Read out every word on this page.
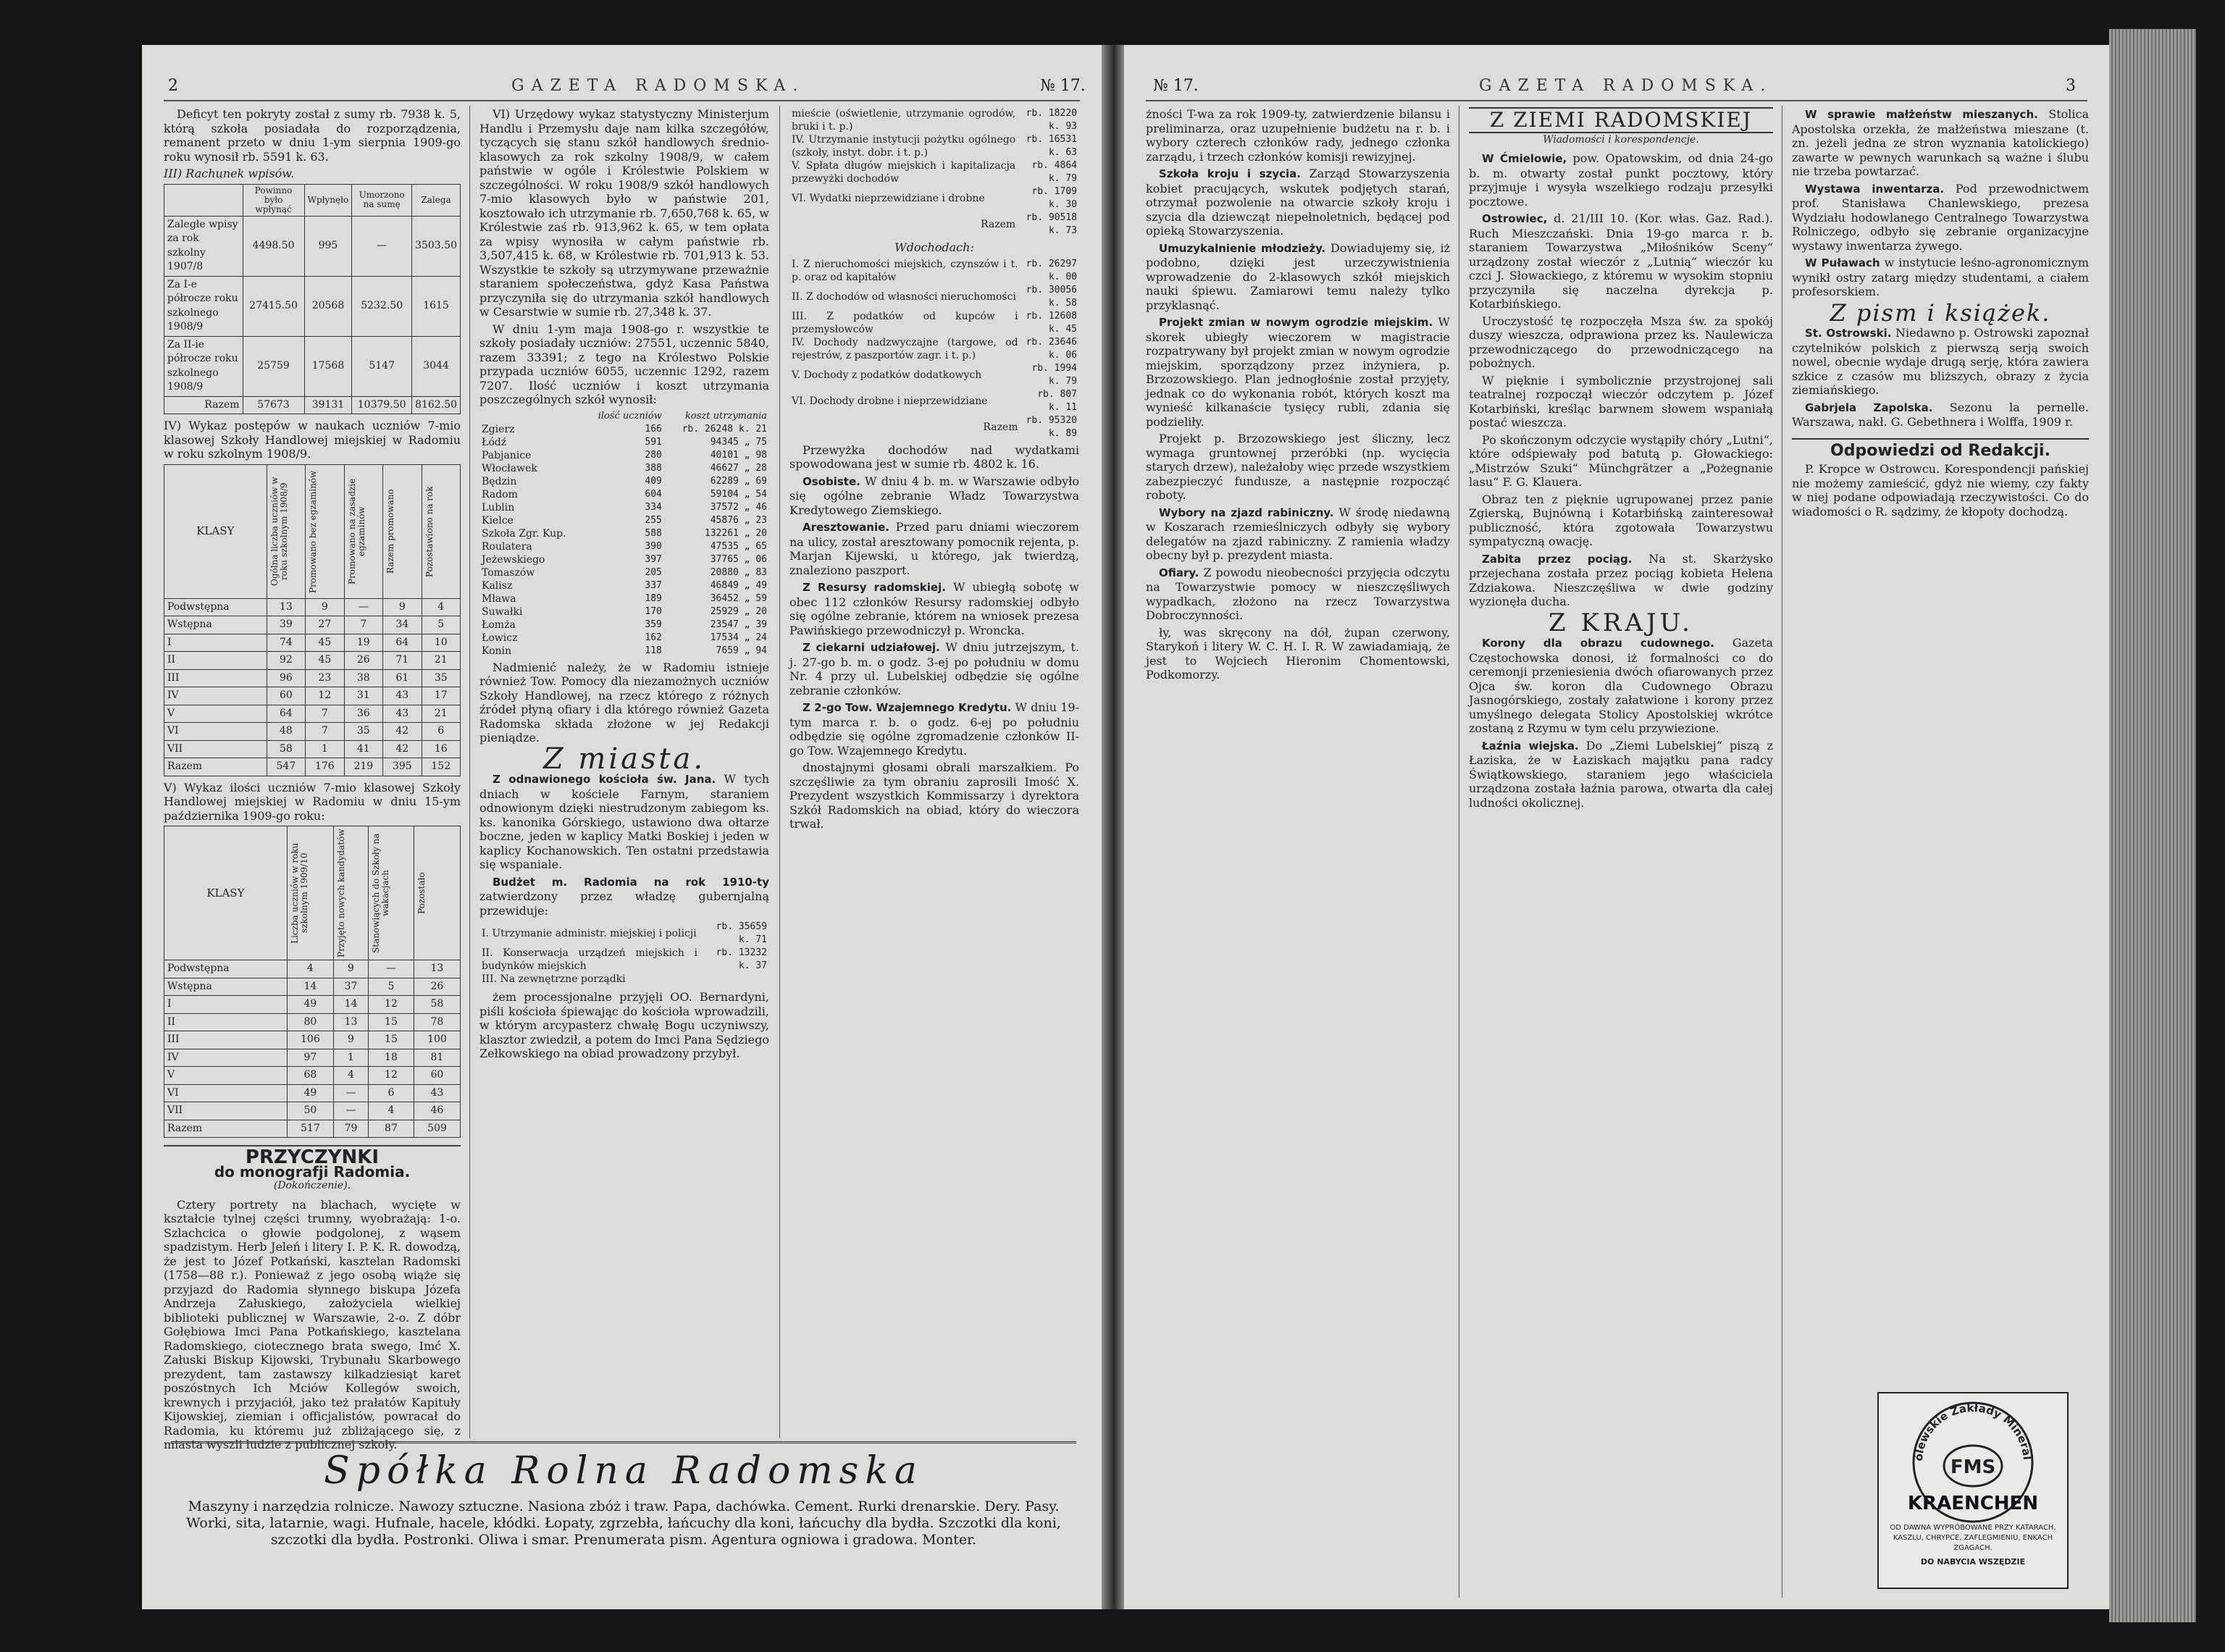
2	GAZETA RADOMSKA.	№ 17.

Deficyt ten pokryty został z sumy rb. 7938 k. 5, którą szkoła posiadała do rozporządzenia, remanent przeto w dniu 1-ym sierpnia 1909-go roku wynosił rb. 5591 k. 63.

III) Rachunek wpisów.

	Powinno było wpłynąć	Wpłynęło	Umorzono na sumę	Zalega
Zaległe wpisy za rok szkolny 1907/8	4498.50	995	—	3503.50
Za I-e półrocze roku szkolnego 1908/9	27415.50	20568	5232.50	1615
Za II-ie półrocze roku szkolnego 1908/9	25759	17568	5147	3044
Razem	57673	39131	10379.50	8162.50

IV) Wykaz postępów w naukach uczniów 7-mio klasowej Szkoły Handlowej miejskiej w Radomiu w roku szkolnym 1908/9.

KLASY	Ogólna liczba uczniów w roku szkolnym 1908/9	Promowano bez egzaminów	Promowano na zasadzie egzaminów	Razem promowano	Pozostawiono na rok

Podwstępna	13	9	—	9	4
Wstępna	39	27	7	34	5
I	74	45	19	64	10
II	92	45	26	71	21
III	96	23	38	61	35
IV	60	12	31	43	17
V	64	7	36	43	21
VI	48	7	35	42	6
VII	58	1	41	42	16
Razem	547	176	219	395	152

V) Wykaz ilości uczniów 7-mio klasowej Szkoły Handlowej miejskiej w Radomiu w dniu 15-ym października 1909-go roku:

KLASY	Liczba uczniów w roku szkolnym 1909/10	Przyjęto nowych kandydatów	Stanowiących do Szkoły na wakacjach	Pozostało

Podwstępna	4	9	—	13
Wstępna	14	37	5	26
I	49	14	12	58
II	80	13	15	78
III	106	9	15	100
IV	97	1	18	81
V	68	4	12	60
VI	49	—	6	43
VII	50	—	4	46
Razem	517	79	87	509
PRZYCZYNKI
do monografji Radomia.
(Dokończenie).

Cztery portrety na blachach, wycięte w kształcie tylnej części trumny, wyobrażają: 1-o. Szlachcica o głowie podgolonej, z wąsem spadzistym. Herb Jeleń i litery I. P. K. R. dowodzą, że jest to Józef Potkański, kasztelan Radomski (1758—88 r.). Ponieważ z jego osobą wiąże się przyjazd do Radomia słynnego biskupa Józefa Andrzeja Załuskiego, założyciela wielkiej biblioteki publicznej w Warszawie, 2-o. Z dóbr Gołębiowa Imci Pana Potkańskiego, kasztelana Radomskiego, ciotecznego brata swego, Imć X. Załuski Biskup Kijowski, Trybunału Skarbowego prezydent, tam zastawszy kilkadziesiąt karet poszóstnych Ich Mciów Kollegów swoich, krewnych i przyjaciół, jako też prałatów Kapituły Kijowskiej, ziemian i officjalistów, powracał do Radomia, ku któremu już zbliżającego się, z miasta wyszli ludzie z publicznej szkoły.

VI) Urzędowy wykaz statystyczny Ministerjum Handlu i Przemysłu daje nam kilka szczegółów, tyczących się stanu szkół handlowych średnio-klasowych za rok szkolny 1908/9, w całem państwie w ogóle i Królestwie Polskiem w szczególności. W roku 1908/9 szkół handlowych 7-mio klasowych było w państwie 201, kosztowało ich utrzymanie rb. 7,650,768 k. 65, w Królestwie zaś rb. 913,962 k. 65, w tem opłata za wpisy wynosiła w całym państwie rb. 3,507,415 k. 68, w Królestwie rb. 701,913 k. 53. Wszystkie te szkoły są utrzymywane przeważnie staraniem społeczeństwa, gdyż Kasa Państwa przyczyniła się do utrzymania szkół handlowych w Cesarstwie w sumie rb. 27,348 k. 37.

W dniu 1-ym maja 1908-go r. wszystkie te szkoły posiadały uczniów: 27551, uczennic 5840, razem 33391; z tego na Królestwo Polskie przypada uczniów 6055, uczennic 1292, razem 7207. Ilość uczniów i koszt utrzymania poszczególnych szkół wynosił:

	ilość uczniów	koszt utrzymania
Zgierz	166	rb. 26248 k. 21
Łódź	591	94345 „ 75
Pabjanice	280	40101 „ 98
Włocławek	388	46627 „ 28
Będzin	409	62289 „ 69
Radom	604	59104 „ 54
Lublin	334	37572 „ 46
Kielce	255	45876 „ 23
Szkoła Zgr. Kup.	588	132261 „ 20
Roulatera	390	47535 „ 65
Jeżewskiego	397	37765 „ 06
Tomaszów	205	20880 „ 83
Kalisz	337	46849 „ 49
Mława	189	36452 „ 59
Suwałki	170	25929 „ 20
Łomża	359	23547 „ 39
Łowicz	162	17534 „ 24
Konin	118	7659 „ 94

Nadmienić należy, że w Radomiu istnieje również Tow. Pomocy dla niezamożnych uczniów Szkoły Handlowej, na rzecz którego z różnych źródeł płyną ofiary i dla którego również Gazeta Radomska składa złożone w jej Redakcji pieniądze.

Z miasta.

Z odnawionego kościoła św. Jana. W tych dniach w kościele Farnym, staraniem odnowionym dzięki niestrudzonym zabiegom ks. ks. kanonika Górskiego, ustawiono dwa ołtarze boczne, jeden w kaplicy Matki Boskiej i jeden w kaplicy Kochanowskich. Ten ostatni przedstawia się wspaniale.

Budżet m. Radomia na rok 1910-ty zatwierdzony przez władzę gubernjalną przewiduje:

I. Utrzymanie administr. miejskiej i policji	rb. 35659 k. 71
II. Konserwacja urządzeń miejskich i budynków miejskich	rb. 13232 k. 37
III. Na zewnętrzne porządki	

żem processjonalne przyjęli OO. Bernardyni, piśli kościoła śpiewając do kościoła wprowadzili, w którym arcypasterz chwałę Bogu uczyniwszy, klasztor zwiedził, a potem do Imci Pana Sędziego Zełkowskiego na obiad prowadzony przybył.

mieście (oświetlenie, utrzymanie ogrodów, bruki i t. p.)	rb. 18220 k. 93
IV. Utrzymanie instytucji pożytku ogólnego (szkoły, instyt. dobr. i t. p.)	rb. 16531 k. 63
V. Spłata długów miejskich i kapitalizacja przewyżki dochodów	rb. 4864 k. 79
VI. Wydatki nieprzewidziane i drobne	rb. 1709 k. 30
Razem	rb. 90518 k. 73
Wdochodach:
I. Z nieruchomości miejskich, czynszów i t. p. oraz od kapitałów	rb. 26297 k. 00
II. Z dochodów od własności nieruchomości	rb. 30056 k. 58
III. Z podatków od kupców i przemysłowców	rb. 12608 k. 45
IV. Dochody nadzwyczajne (targowe, od rejestrów, z paszportów zagr. i t. p.)	rb. 23646 k. 06
V. Dochody z podatków dodatkowych	rb. 1994 k. 79
VI. Dochody drobne i nieprzewidziane	rb. 807 k. 11
Razem	rb. 95320 k. 89

Przewyżka dochodów nad wydatkami spowodowana jest w sumie rb. 4802 k. 16.

Osobiste. W dniu 4 b. m. w Warszawie odbyło się ogólne zebranie Władz Towarzystwa Kredytowego Ziemskiego.

Aresztowanie. Przed paru dniami wieczorem na ulicy, został aresztowany pomocnik rejenta, p. Marjan Kijewski, u którego, jak twierdzą, znaleziono paszport.

Z Resursy radomskiej. W ubiegłą sobotę w obec 112 członków Resursy radomskiej odbyło się ogólne zebranie, którem na wniosek prezesa Pawińskiego przewodniczył p. Wroncka.

Z ciekarni udziałowej. W dniu jutrzejszym, t. j. 27-go b. m. o godz. 3-ej po południu w domu Nr. 4 przy ul. Lubelskiej odbędzie się ogólne zebranie członków.

Z 2-go Tow. Wzajemnego Kredytu. W dniu 19-tym marca r. b. o godz. 6-ej po południu odbędzie się ogólne zgromadzenie członków II-go Tow. Wzajemnego Kredytu.

dnostajnymi głosami obrali marszałkiem. Po szczęśliwie za tym obraniu zaprosili Imość X. Prezydent wszystkich Kommissarzy i dyrektora Szkół Radomskich na obiad, który do wieczora trwał.

Spółka Rolna Radomska
Maszyny i narzędzia rolnicze. Nawozy sztuczne. Nasiona zbóż i traw. Papa, dachówka. Cement. Rurki drenarskie. Dery. Pasy. Worki, sita, latarnie, wagi. Hufnale, hacele, kłódki. Łopaty, zgrzebła, łańcuchy dla koni, łańcuchy dla bydła. Szczotki dla koni, szczotki dla bydła. Postronki. Oliwa i smar. Prenumerata pism. Agentura ogniowa i gradowa. Monter.
№ 17.	GAZETA RADOMSKA.	3

żności T-wa za rok 1909-ty, zatwierdzenie bilansu i preliminarza, oraz uzupełnienie budżetu na r. b. i wybory czterech członków rady, jednego członka zarządu, i trzech członków komisji rewizyjnej.

Szkoła kroju i szycia. Zarząd Stowarzyszenia kobiet pracujących, wskutek podjętych starań, otrzymał pozwolenie na otwarcie szkoły kroju i szycia dla dziewcząt niepełnoletnich, będącej pod opieką Stowarzyszenia.

Umuzykalnienie młodzieży. Dowiadujemy się, iż podobno, dzięki jest urzeczywistnienia wprowadzenie do 2-klasowych szkół miejskich nauki śpiewu. Zamiarowi temu należy tylko przyklasnąć.

Projekt zmian w nowym ogrodzie miejskim. W skorek ubiegły wieczorem w magistracie rozpatrywany był projekt zmian w nowym ogrodzie miejskim, sporządzony przez inżyniera, p. Brzozowskiego. Plan jednogłośnie został przyjęty, jednak co do wykonania robót, których koszt ma wynieść kilkanaście tysięcy rubli, zdania się podzieliły.

Projekt p. Brzozowskiego jest śliczny, lecz wymaga gruntownej przeróbki (np. wycięcia starych drzew), należałoby więc przede wszystkiem zabezpieczyć fundusze, a następnie rozpocząć roboty.

Wybory na zjazd rabiniczny. W środę niedawną w Koszarach rzemieślniczych odbyły się wybory delegatów na zjazd rabiniczny. Z ramienia władzy obecny był p. prezydent miasta.

Ofiary. Z powodu nieobecności przyjęcia odczytu na Towarzystwie pomocy w nieszczęśliwych wypadkach, złożono na rzecz Towarzystwa Dobroczynności.

ły, was skręcony na dół, żupan czerwony, Starykoń i litery W. C. H. I. R. W zawiadamiają, że jest to Wojciech Hieronim Chomentowski, Podkomorzy.

Z ZIEMI RADOMSKIEJ
Wiadomości i korespondencje.

W Ćmielowie, pow. Opatowskim, od dnia 24-go b. m. otwarty został punkt pocztowy, który przyjmuje i wysyła wszelkiego rodzaju przesyłki pocztowe.

Ostrowiec, d. 21/III 10. (Kor. włas. Gaz. Rad.). Ruch Mieszczański. Dnia 19-go marca r. b. staraniem Towarzystwa „Miłośników Sceny“ urządzony został wieczór z „Lutnią“ wieczór ku czci J. Słowackiego, z któremu w wysokim stopniu przyczyniła się naczelna dyrekcja p. Kotarbińskiego.

Uroczystość tę rozpoczęła Msza św. za spokój duszy wieszcza, odprawiona przez ks. Naulewicza przewodniczącego do przewodniczącego na pobożnych.

W pięknie i symbolicznie przystrojonej sali teatralnej rozpoczął wieczór odczytem p. Józef Kotarbiński, kreśląc barwnem słowem wspaniałą postać wieszcza.

Po skończonym odczycie wystąpiły chóry „Lutni“, które odśpiewały pod batutą p. Głowackiego: „Mistrzów Szuki“ Münchgrätzer a „Pożegnanie lasu“ F. G. Klauera.

Obraz ten z pięknie ugrupowanej przez panie Zgierską, Bujnówną i Kotarbińską zainteresował publiczność, która zgotowała Towarzystwu sympatyczną owację.

Zabita przez pociąg. Na st. Skarżysko przejechana została przez pociąg kobieta Helena Zdziakowa. Nieszczęśliwa w dwie godziny wyzionęła ducha.

Z KRAJU.

Korony dla obrazu cudownego. Gazeta Częstochowska donosi, iż formalności co do ceremonji przeniesienia dwóch ofiarowanych przez Ojca św. koron dla Cudownego Obrazu Jasnogórskiego, zostały załatwione i korony przez umyślnego delegata Stolicy Apostolskiej wkrótce zostaną z Rzymu w tym celu przywiezione.

Łaźnia wiejska. Do „Ziemi Lubelskiej“ piszą z Łaziska, że w Łaziskach majątku pana radcy Świątkowskiego, staraniem jego właściciela urządzona została łaźnia parowa, otwarta dla całej ludności okolicznej.

W sprawie małżeństw mieszanych. Stolica Apostolska orzekła, że małżeństwa mieszane (t. zn. jeżeli jedna ze stron wyznania katolickiego) zawarte w pewnych warunkach są ważne i ślubu nie trzeba powtarzać.

Wystawa inwentarza. Pod przewodnictwem prof. Stanisława Chanlewskiego, prezesa Wydziału hodowlanego Centralnego Towarzystwa Rolniczego, odbyło się zebranie organizacyjne wystawy inwentarza żywego.

W Puławach w instytucie leśno-agronomicznym wynikł ostry zatarg między studentami, a ciałem profesorskiem.

Z pism i książek.

St. Ostrowski. Niedawno p. Ostrowski zapoznał czytelników polskich z pierwszą serją swoich nowel, obecnie wydaje drugą serję, która zawiera szkice z czasów mu bliższych, obrazy z życia ziemiańskiego.

Gabrjela Zapolska. Sezonu la pernelle. Warszawa, nakł. G. Gebethnera i Wolffa, 1909 r.

Odpowiedzi od Redakcji.

P. Kropce w Ostrowcu. Korespondencji pańskiej nie możemy zamieścić, gdyż nie wiemy, czy fakty w niej podane odpowiadają rzeczywistości. Co do wiadomości o R. sądzimy, że kłopoty dochodzą.

ólewskie Zakłady Mineral
FMS
KRAENCHEN
OD DAWNA WYPRÓBOWANE PRZY KATARACH,
KASZLU, CHRYPCE, ZAFLEGMIENIU, ENKACH
ZGAGACH.
DO NABYCIA WSZĘDZIE
